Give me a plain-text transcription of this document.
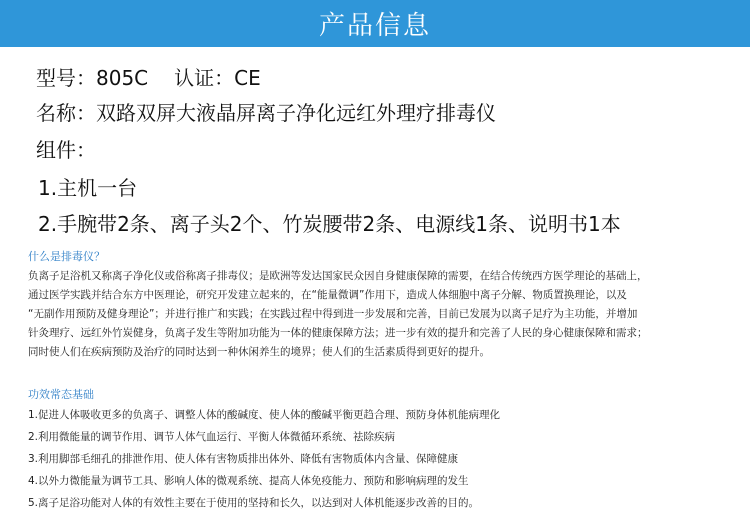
产品信息
型号：805C 认证：CE
名称：双路双屏大液晶屏离子净化远红外理疗排毒仪
组件：
1.主机一台
2.手腕带2条、离子头2个、竹炭腰带2条、电源线1条、说明书1本
什么是排毒仪？
负离子足浴机又称离子净化仪或俗称离子排毒仪；是欧洲等发达国家民众因自身健康保障的需要，在结合传统西方医学理论的基础上，
通过医学实践并结合东方中医理论，研究开发建立起来的，在“能量微调”作用下，造成人体细胞中离子分解、物质置换理论，以及
“无副作用预防及健身理论”；并进行推广和实践；在实践过程中得到进一步发展和完善，目前已发展为以离子足疗为主功能，并增加
针灸理疗、远红外竹炭健身，负离子发生等附加功能为一体的健康保障方法；进一步有效的提升和完善了人民的身心健康保障和需求；
同时使人们在疾病预防及治疗的同时达到一种休闲养生的境界；使人们的生活素质得到更好的提升。
功效常态基础
1.促进人体吸收更多的负离子、调整人体的酸碱度、使人体的酸碱平衡更趋合理、预防身体机能病理化
2.利用微能量的调节作用、调节人体气血运行、平衡人体微循环系统、祛除疾病
3.利用脚部毛细孔的排泄作用、使人体有害物质排出体外、降低有害物质体内含量、保障健康
4.以外力微能量为调节工具、影响人体的微观系统、提高人体免疫能力、预防和影响病理的发生
5.离子足浴功能对人体的有效性主要在于使用的坚持和长久，以达到对人体机能逐步改善的目的。
